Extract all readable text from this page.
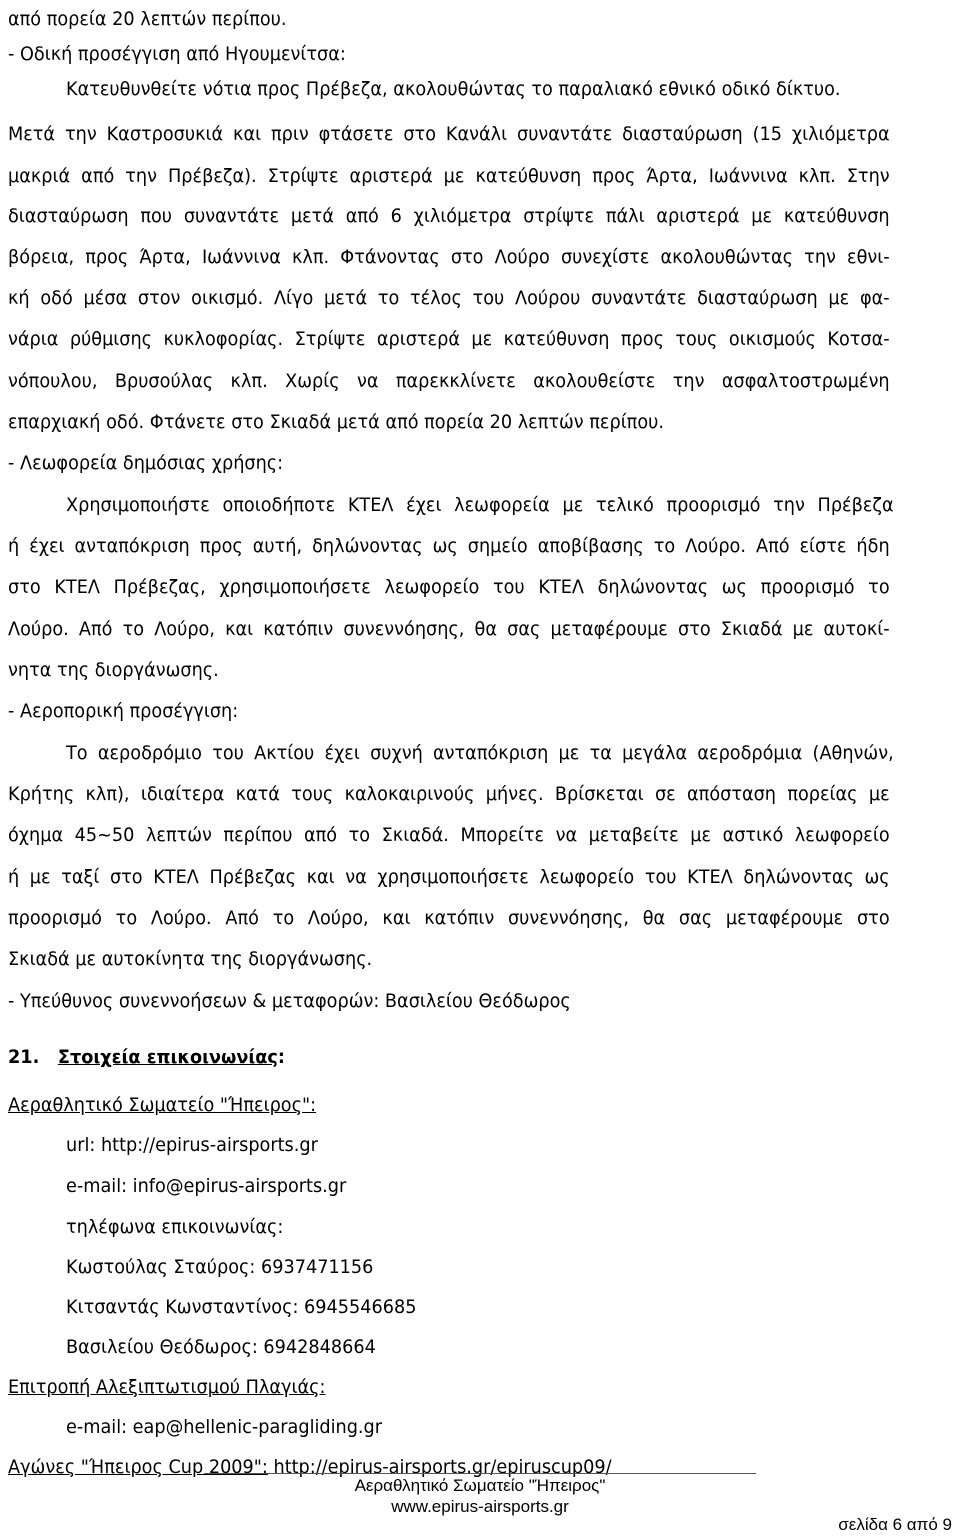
από πορεία 20 λεπτών περίπου.
- Οδική προσέγγιση από Ηγουμενίτσα:
Κατευθυνθείτε νότια προς Πρέβεζα, ακολουθώντας το παραλιακό εθνικό οδικό δίκτυο.
Μετά την Καστροσυκιά και πριν φτάσετε στο Κανάλι συναντάτε διασταύρωση (15 χιλιόμετρα
μακριά από την Πρέβεζα). Στρίψτε αριστερά με κατεύθυνση προς Άρτα, Ιωάννινα κλπ. Στην
διασταύρωση που συναντάτε μετά από 6 χιλιόμετρα στρίψτε πάλι αριστερά με κατεύθυνση
βόρεια, προς Άρτα, Ιωάννινα κλπ. Φτάνοντας στο Λούρο συνεχίστε ακολουθώντας την εθνι-
κή οδό μέσα στον οικισμό. Λίγο μετά το τέλος του Λούρου συναντάτε διασταύρωση με φα-
νάρια ρύθμισης κυκλοφορίας. Στρίψτε αριστερά με κατεύθυνση προς τους οικισμούς Κοτσα-
νόπουλου, Βρυσούλας κλπ. Χωρίς να παρεκκλίνετε ακολουθείστε την ασφαλτοστρωμένη
επαρχιακή οδό. Φτάνετε στο Σκιαδά μετά από πορεία 20 λεπτών περίπου.
- Λεωφορεία δημόσιας χρήσης:
Χρησιμοποιήστε οποιοδήποτε ΚΤΕΛ έχει λεωφορεία με τελικό προορισμό την Πρέβεζα
ή έχει ανταπόκριση προς αυτή, δηλώνοντας ως σημείο αποβίβασης το Λούρο. Από είστε ήδη
στο ΚΤΕΛ Πρέβεζας, χρησιμοποιήσετε λεωφορείο του ΚΤΕΛ δηλώνοντας ως προορισμό το
Λούρο. Από το Λούρο, και κατόπιν συνεννόησης, θα σας μεταφέρουμε στο Σκιαδά με αυτοκί-
νητα της διοργάνωσης.
- Αεροπορική προσέγγιση:
Το αεροδρόμιο του Ακτίου έχει συχνή ανταπόκριση με τα μεγάλα αεροδρόμια (Αθηνών,
Κρήτης κλπ), ιδιαίτερα κατά τους καλοκαιρινούς μήνες. Βρίσκεται σε απόσταση πορείας με
όχημα 45~50 λεπτών περίπου από το Σκιαδά. Μπορείτε να μεταβείτε με αστικό λεωφορείο
ή με ταξί στο ΚΤΕΛ Πρέβεζας και να χρησιμοποιήσετε λεωφορείο του ΚΤΕΛ δηλώνοντας ως
προορισμό το Λούρο. Από το Λούρο, και κατόπιν συνεννόησης, θα σας μεταφέρουμε στο
Σκιαδά με αυτοκίνητα της διοργάνωσης.
- Υπεύθυνος συνεννοήσεων & μεταφορών: Βασιλείου Θεόδωρος
21. Στοιχεία επικοινωνίας:
Αεραθλητικό Σωματείο "Ήπειρος":
url: http://epirus-airsports.gr
e-mail: info@epirus-airsports.gr
τηλέφωνα επικοινωνίας:
Κωστούλας Σταύρος: 6937471156
Κιτσαντάς Κωνσταντίνος: 6945546685
Βασιλείου Θεόδωρος: 6942848664
Επιτροπή Αλεξιπτωτισμού Πλαγιάς:
e-mail: eap@hellenic-paragliding.gr
Αγώνες "Ήπειρος Cup 2009": http://epirus-airsports.gr/epiruscup09/
Αεραθλητικό Σωματείο "Ήπειρος"
www.epirus-airsports.gr
σελίδα 6 από 9
